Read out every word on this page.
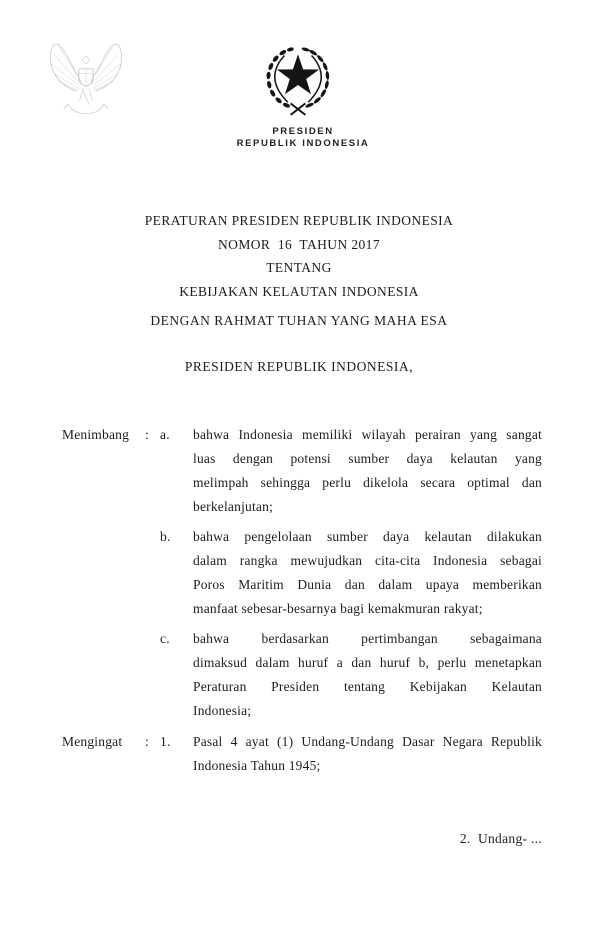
PRESIDEN
REPUBLIK INDONESIA
PERATURAN PRESIDEN REPUBLIK INDONESIA
NOMOR  16  TAHUN 2017
TENTANG
KEBIJAKAN KELAUTAN INDONESIA
DENGAN RAHMAT TUHAN YANG MAHA ESA
PRESIDEN REPUBLIK INDONESIA,
Menimbang	: a.	bahwa Indonesia memiliki wilayah perairan yang sangat
luas dengan potensi sumber daya kelautan yang
melimpah sehingga perlu dikelola secara optimal dan
berkelanjutan;
b.	bahwa pengelolaan sumber daya kelautan dilakukan
dalam rangka mewujudkan cita-cita Indonesia sebagai
Poros Maritim Dunia dan dalam upaya memberikan
manfaat sebesar-besarnya bagi kemakmuran rakyat;
c.	bahwa berdasarkan pertimbangan sebagaimana
dimaksud dalam huruf a dan huruf b, perlu menetapkan
Peraturan Presiden tentang Kebijakan Kelautan
Indonesia;
Mengingat	: 1.	Pasal 4 ayat (1) Undang-Undang Dasar Negara Republik
Indonesia Tahun 1945;
2.  Undang- ...
